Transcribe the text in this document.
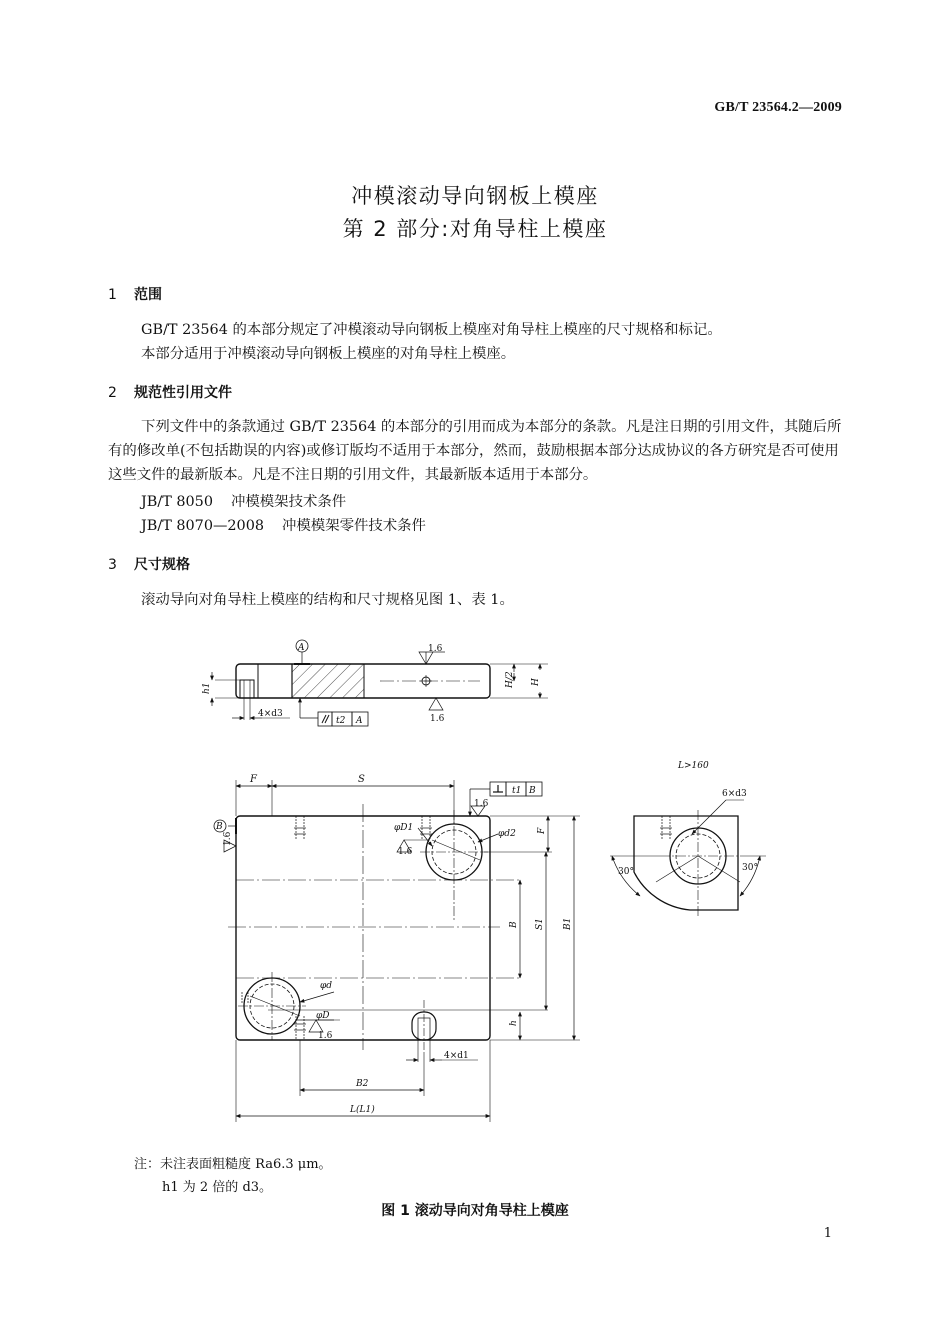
GB/T 23564.2—2009
冲模滚动导向钢板上模座
第 2 部分:对角导柱上模座
1 范围
GB/T 23564 的本部分规定了冲模滚动导向钢板上模座对角导柱上模座的尺寸规格和标记。
本部分适用于冲模滚动导向钢板上模座的对角导柱上模座。
2 规范性引用文件
下列文件中的条款通过 GB/T 23564 的本部分的引用而成为本部分的条款。凡是注日期的引用文件，其随后所有的修改单(不包括勘误的内容)或修订版均不适用于本部分，然而，鼓励根据本部分达成协议的各方研究是否可使用这些文件的最新版本。凡是不注日期的引用文件，其最新版本适用于本部分。
JB/T 8050 冲模模架技术条件
JB/T 8070—2008 冲模模架零件技术条件
3 尺寸规格
滚动导向对角导柱上模座的结构和尺寸规格见图 1、表 1。
A	1.6
1.6
h1
4×d3
t2 A
H/2 H
F	S
t1 B
1.6
B
1.6
φD1
1.6
φd2 F
B S1 B1
φd
φD
1.6
h
4×d1
B2
L(L1)
L>160
6×d3
30°	30°
注：未注表面粗糙度 Ra6.3 μm。
h1 为 2 倍的 d3。
图 1 滚动导向对角导柱上模座
1
